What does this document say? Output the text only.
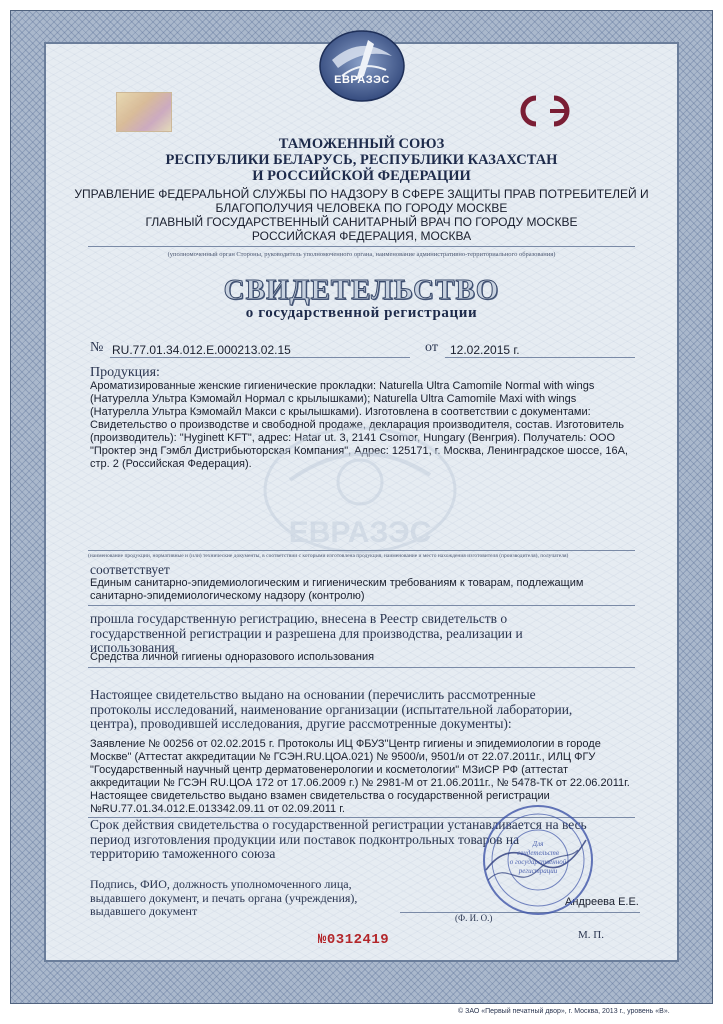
ЕВРАЗЭС
ТАМОЖЕННЫЙ СОЮЗ
РЕСПУБЛИКИ БЕЛАРУСЬ, РЕСПУБЛИКИ КАЗАХСТАН
И РОССИЙСКОЙ ФЕДЕРАЦИИ
УПРАВЛЕНИЕ ФЕДЕРАЛЬНОЙ СЛУЖБЫ ПО НАДЗОРУ В СФЕРЕ ЗАЩИТЫ ПРАВ ПОТРЕБИТЕЛЕЙ И
БЛАГОПОЛУЧИЯ ЧЕЛОВЕКА ПО ГОРОДУ МОСКВЕ
ГЛАВНЫЙ ГОСУДАРСТВЕННЫЙ САНИТАРНЫЙ ВРАЧ ПО ГОРОДУ МОСКВЕ
РОССИЙСКАЯ ФЕДЕРАЦИЯ, МОСКВА
(уполномоченный орган Стороны, руководитель уполномоченного органа, наименование административно-территориального образования)
СВИДЕТЕЛЬСТВО
о государственной регистрации
№ RU.77.01.34.012.Е.000213.02.15	от 12.02.2015 г.
Продукция:
Ароматизированные женские гигиенические прокладки: Naturella Ultra Camomile Normal with wings
(Натурелла Ультра Кэмомайл Нормал с крылышками); Naturella Ultra Camomile Maxi with wings
(Натурелла Ультра Кэмомайл Макси с крылышками). Изготовлена в соответствии с документами:
Свидетельство о производстве и свободной продаже, декларация производителя, состав. Изготовитель
(производитель): "Hyginett KFT", адрес: Hatar ut. 3, 2141 Csomor, Hungary (Венгрия). Получатель: ООО
"Проктер энд Гэмбл Дистрибьюторская Компания", Адрес: 125171, г. Москва, Ленинградское шоссе, 16А,
стр. 2 (Российская Федерация).
ЕВРАЗЭС
(наименование продукции, нормативные и (или) технические документы, в соответствии с которыми изготовлена продукция, наименование и место нахождения изготовителя (производителя), получателя)
соответствует
Единым санитарно-эпидемиологическим и гигиеническим требованиям к товарам, подлежащим
санитарно-эпидемиологическому надзору (контролю)
прошла государственную регистрацию, внесена в Реестр свидетельств о
государственной регистрации и разрешена для производства, реализации и
использования
Средства личной гигиены одноразового использования
Настоящее свидетельство выдано на основании (перечислить рассмотренные
протоколы исследований, наименование организации (испытательной лаборатории,
центра), проводившей исследования, другие рассмотренные документы):
Заявление № 00256 от 02.02.2015 г. Протоколы ИЦ ФБУЗ"Центр гигиены и эпидемиологии в городе
Москве" (Аттестат аккредитации № ГСЭН.RU.ЦОА.021) № 9500/и, 9501/и от 22.07.2011г., ИЛЦ ФГУ
"Государственный научный центр дерматовенерологии и косметологии" МЗиСР РФ (аттестат
аккредитации № ГСЭН RU.ЦОА 172 от 17.06.2009 г.) № 2981-М от 21.06.2011г., № 5478-ТК от 22.06.2011г.
Настоящее свидетельство выдано взамен свидетельства о государственной регистрации
№RU.77.01.34.012.Е.013342.09.11 от 02.09.2011 г.
Срок действия свидетельства о государственной регистрации устанавливается на весь
период изготовления продукции или поставок подконтрольных товаров на
территорию таможенного союза
Подпись, ФИО, должность уполномоченного лица,
выдавшего документ, и печать органа (учреждения),
выдавшего документ
Андреева Е.Е.
(Ф. И. О.)
М. П.
Для
свидетельств
о государственной
регистрации
№0312419
© ЗАО «Первый печатный двор», г. Москва, 2013 г., уровень «В».
